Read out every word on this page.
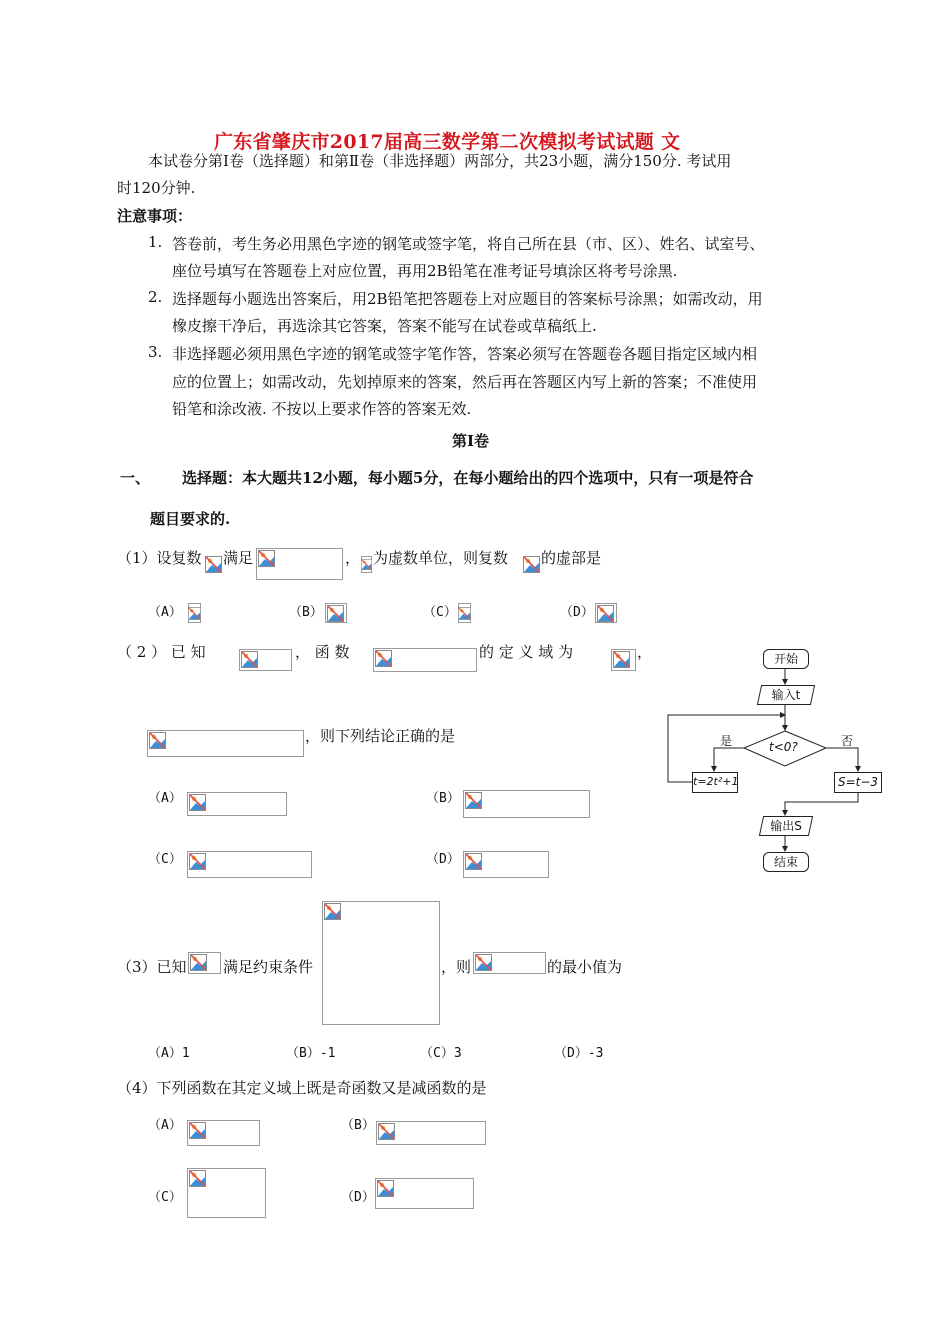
广东省肇庆市2017届高三数学第二次模拟考试试题 文
本试卷分第Ⅰ卷（选择题）和第Ⅱ卷（非选择题）两部分，共23小题，满分150分. 考试用
时120分钟.
注意事项：
1. 答卷前，考生务必用黑色字迹的钢笔或签字笔，将自己所在县（市、区）、姓名、试室号、
座位号填写在答题卷上对应位置，再用2B铅笔在准考证号填涂区将考号涂黑.
2. 选择题每小题选出答案后，用2B铅笔把答题卷上对应题目的答案标号涂黑；如需改动，用
橡皮擦干净后，再选涂其它答案，答案不能写在试卷或草稿纸上.
3. 非选择题必须用黑色字迹的钢笔或签字笔作答，答案必须写在答题卷各题目指定区域内相
应的位置上；如需改动，先划掉原来的答案，然后再在答题区内写上新的答案；不准使用
铅笔和涂改液. 不按以上要求作答的答案无效.
第Ⅰ卷
一、 选择题：本大题共12小题，每小题5分，在每小题给出的四个选项中，只有一项是符合
题目要求的.
（1）设复数 满足	， 为虚数单位，则复数 的虚部是
（A）	（B）	（C）	（D）
（ 2 ） 已 知	， 函 数	的 定 义 域 为	，
，则下列结论正确的是
（A）	（B）
（C）	（D）
开始
输入t
t<0?
是	否
t=2t²+1	S=t−3
输出S
结束
（3）已知 满足约束条件	，则	的最小值为
（A）1	（B）-1	（C）3	（D）-3
（4）下列函数在其定义域上既是奇函数又是减函数的是
（A）	（B）
（C）	（D）
